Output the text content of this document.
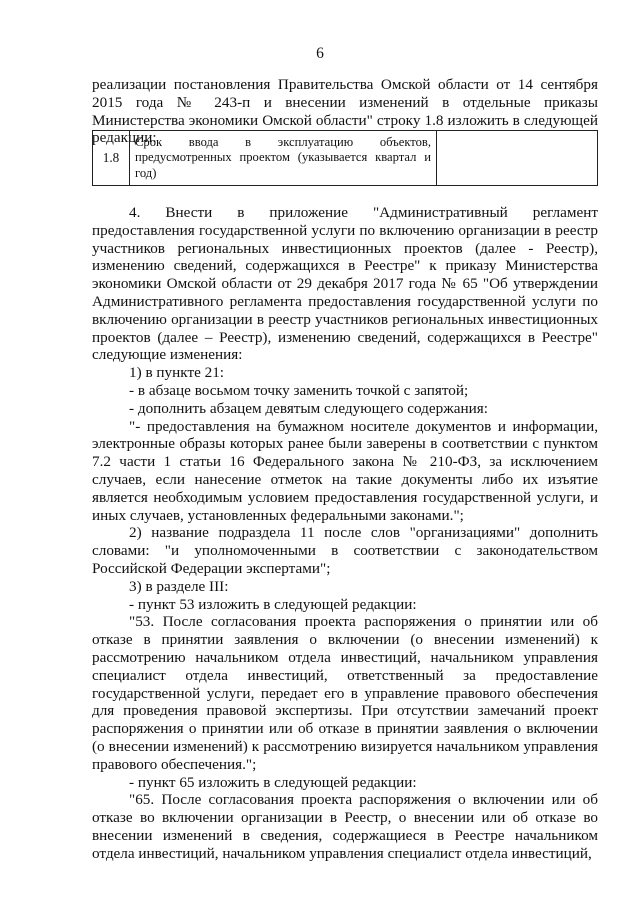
6

реализации постановления Правительства Омской области от 14 сентября 2015 года № 243-п и внесении изменений в отдельные приказы Министерства экономики Омской области" строку 1.8 изложить в следующей редакции:

1.8	Срок ввода в эксплуатацию объектов, предусмотренных проектом (указывается квартал и год)	

4. Внести в приложение "Административный регламент предоставления государственной услуги по включению организации в реестр участников региональных инвестиционных проектов (далее - Реестр), изменению сведений, содержащихся в Реестре" к приказу Министерства экономики Омской области от 29 декабря 2017 года № 65 "Об утверждении Административного регламента предоставления государственной услуги по включению организации в реестр участников региональных инвестиционных проектов (далее – Реестр), изменению сведений, содержащихся в Реестре" следующие изменения:

1) в пункте 21:

- в абзаце восьмом точку заменить точкой с запятой;

- дополнить абзацем девятым следующего содержания:

"- предоставления на бумажном носителе документов и информации, электронные образы которых ранее были заверены в соответствии с пунктом 7.2 части 1 статьи 16 Федерального закона № 210-ФЗ, за исключением случаев, если нанесение отметок на такие документы либо их изъятие является необходимым условием предоставления государственной услуги, и иных случаев, установленных федеральными законами.";

2) название подраздела 11 после слов "организациями" дополнить словами: "и уполномоченными в соответствии с законодательством Российской Федерации экспертами";

3) в разделе III:

- пункт 53 изложить в следующей редакции:

"53. После согласования проекта распоряжения о принятии или об отказе в принятии заявления о включении (о внесении изменений) к рассмотрению начальником отдела инвестиций, начальником управления специалист отдела инвестиций, ответственный за предоставление государственной услуги, передает его в управление правового обеспечения для проведения правовой экспертизы. При отсутствии замечаний проект распоряжения о принятии или об отказе в принятии заявления о включении (о внесении изменений) к рассмотрению визируется начальником управления правового обеспечения.";

- пункт 65 изложить в следующей редакции:

"65. После согласования проекта распоряжения о включении или об отказе во включении организации в Реестр, о внесении или об отказе во внесении изменений в сведения, содержащиеся в Реестре начальником отдела инвестиций, начальником управления специалист отдела инвестиций,
